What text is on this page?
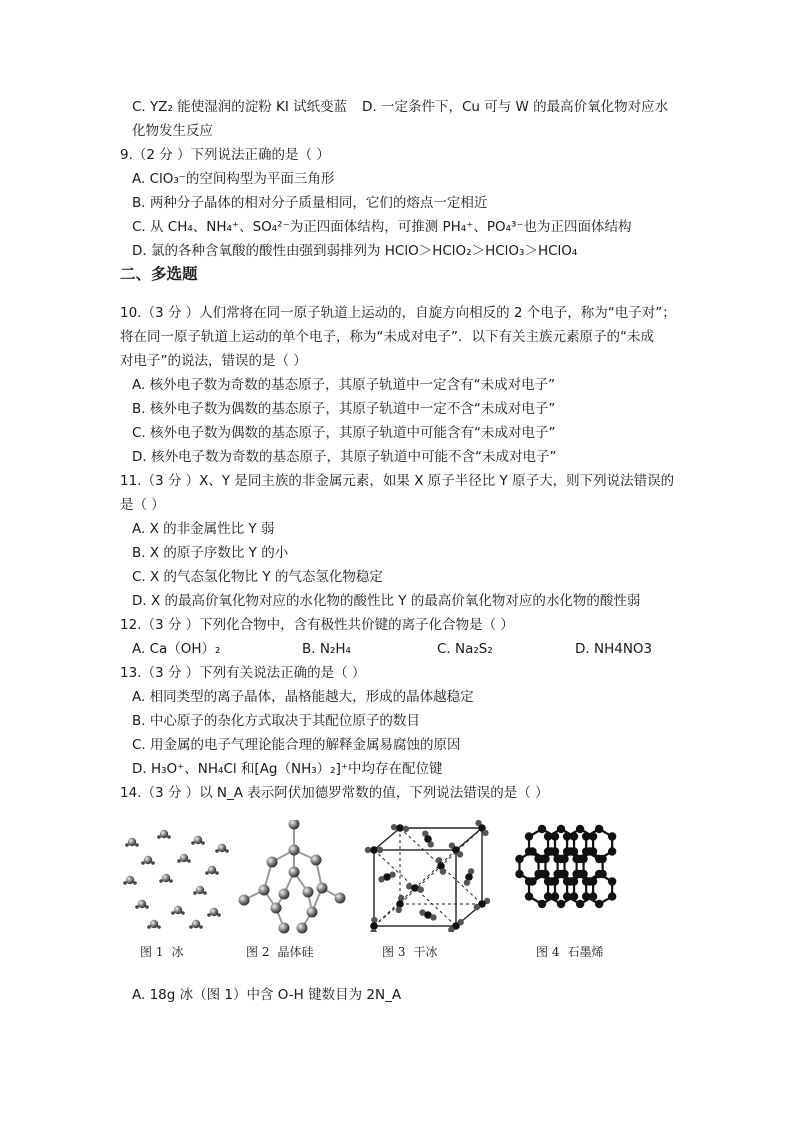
C. YZ₂ 能使湿润的淀粉 KI 试纸变蓝 D. 一定条件下，Cu 可与 W 的最高价氧化物对应水
化物发生反应
9.（2 分 ）下列说法正确的是（ ）
A. ClO₃⁻的空间构型为平面三角形
B. 两种分子晶体的相对分子质量相同，它们的熔点一定相近
C. 从 CH₄、NH₄⁺、SO₄²⁻为正四面体结构，可推测 PH₄⁺、PO₄³⁻也为正四面体结构
D. 氯的各种含氧酸的酸性由强到弱排列为 HClO＞HClO₂＞HClO₃＞HClO₄
二、多选题
10.（3 分 ）人们常将在同一原子轨道上运动的，自旋方向相反的 2 个电子，称为“电子对”；
将在同一原子轨道上运动的单个电子，称为“未成对电子”．以下有关主族元素原子的“未成
对电子”的说法，错误的是（ ）
A. 核外电子数为奇数的基态原子，其原子轨道中一定含有“未成对电子”
B. 核外电子数为偶数的基态原子，其原子轨道中一定不含“未成对电子”
C. 核外电子数为偶数的基态原子，其原子轨道中可能含有“未成对电子”
D. 核外电子数为奇数的基态原子，其原子轨道中可能不含“未成对电子”
11.（3 分 ）X、Y 是同主族的非金属元素，如果 X 原子半径比 Y 原子大，则下列说法错误的
是（ ）
A. X 的非金属性比 Y 弱
B. X 的原子序数比 Y 的小
C. X 的气态氢化物比 Y 的气态氢化物稳定
D. X 的最高价氧化物对应的水化物的酸性比 Y 的最高价氧化物对应的水化物的酸性弱
12.（3 分 ）下列化合物中，含有极性共价键的离子化合物是（ ）
A. Ca（OH）₂	B. N₂H₄	C. Na₂S₂	D. NH4NO3
13.（3 分 ）下列有关说法正确的是（ ）
A. 相同类型的离子晶体，晶格能越大，形成的晶体越稳定
B. 中心原子的杂化方式取决于其配位原子的数目
C. 用金属的电子气理论能合理的解释金属易腐蚀的原因
D. H₃O⁺、NH₄Cl 和[Ag（NH₃）₂]⁺中均存在配位键
14.（3 分 ）以 N_A 表示阿伏加德罗常数的值，下列说法错误的是（ ）
图 1 冰	图 2 晶体硅	图 3 干冰	图 4 石墨烯
A. 18g 冰（图 1）中含 O-H 键数目为 2N_A
